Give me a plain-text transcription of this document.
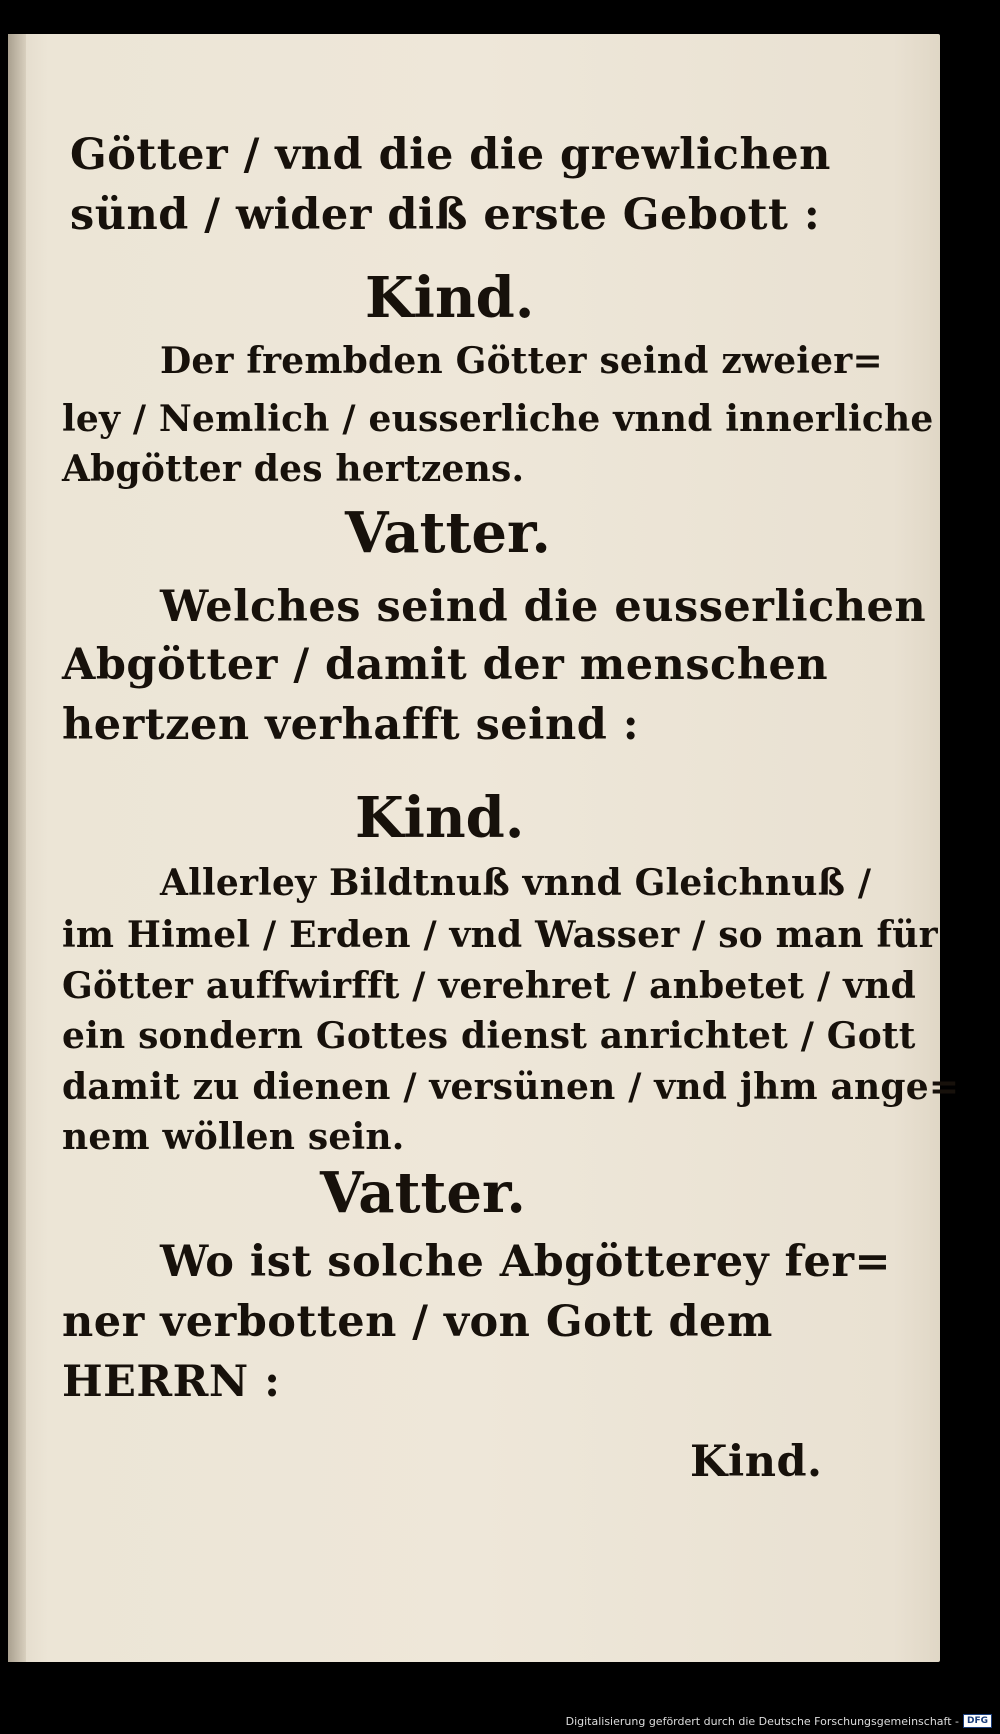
Götter / vnd die die grewlichen
sünd / wider diß erste Gebott :
Kind.
Der frembden Götter seind zweier=
ley / Nemlich / eusserliche vnnd innerliche
Abgötter des hertzens.
Vatter.
Welches seind die eusserlichen
Abgötter / damit der menschen
hertzen verhafft seind :
Kind.
Allerley Bildtnuß vnnd Gleichnuß /
im Himel / Erden / vnd Wasser / so man für
Götter auffwirfft / verehret / anbetet / vnd
ein sondern Gottes dienst anrichtet / Gott
damit zu dienen / versünen / vnd jhm ange=
nem wöllen sein.
Vatter.
Wo ist solche Abgötterey fer=
ner verbotten / von Gott dem
HERRN :
Kind.
Digitalisierung gefördert durch die Deutsche Forschungsgemeinschaft - DFG
